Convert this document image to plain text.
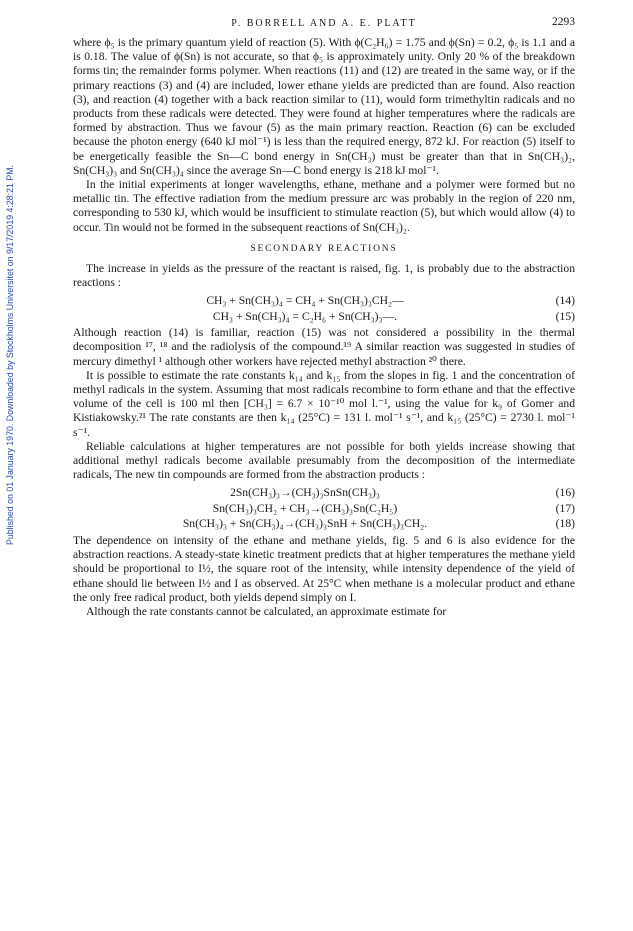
Published on 01 January 1970. Downloaded by Stockholms Universitet on 9/17/2019 4:28:21 PM.
P. BORRELL AND A. E. PLATT	2293

where ϕ₅ is the primary quantum yield of reaction (5). With ϕ(C₂H₆) = 1.75 and ϕ(Sn) = 0.2, ϕ₅ is 1.1 and a is 0.18. The value of ϕ(Sn) is not accurate, so that ϕ₅ is approximately unity. Only 20 % of the breakdown forms tin; the remainder forms polymer. When reactions (11) and (12) are treated in the same way, or if the primary reactions (3) and (4) are included, lower ethane yields are predicted than are found. Also reaction (3), and reaction (4) together with a back reaction similar to (11), would form trimethyltin radicals and no products from these radicals were detected. They were found at higher temperatures where the radicals are formed by abstraction. Thus we favour (5) as the main primary reaction. Reaction (6) can be excluded because the photon energy (640 kJ mol⁻¹) is less than the required energy, 872 kJ. For reaction (5) itself to be energetically feasible the Sn—C bond energy in Sn(CH₃) must be greater than that in Sn(CH₃)₂, Sn(CH₃)₃ and Sn(CH₃)₄ since the average Sn—C bond energy is 218 kJ mol⁻¹.

In the initial experiments at longer wavelengths, ethane, methane and a polymer were formed but no metallic tin. The effective radiation from the medium pressure arc was probably in the region of 220 nm, corresponding to 530 kJ, which would be insufficient to stimulate reaction (5), but which would allow (4) to occur. Tin would not be formed in the subsequent reactions of Sn(CH₃)₂.

SECONDARY REACTIONS

The increase in yields as the pressure of the reactant is raised, fig. 1, is probably due to the abstraction reactions :

CH₃ + Sn(CH₃)₄ = CH₄ + Sn(CH₃)₃CH₂—	(14)
CH₃ + Sn(CH₃)₄ = C₂H₆ + Sn(CH₃)₃—.	(15)

Although reaction (14) is familiar, reaction (15) was not considered a possibility in the thermal decomposition ¹⁷, ¹⁸ and the radiolysis of the compound.¹⁹ A similar reaction was suggested in studies of mercury dimethyl ¹ although other workers have rejected methyl abstraction ²⁰ there.

It is possible to estimate the rate constants k₁₄ and k₁₅ from the slopes in fig. 1 and the concentration of methyl radicals in the system. Assuming that most radicals recombine to form ethane and that the effective volume of the cell is 100 ml then [CH₃] = 6.7 × 10⁻¹⁰ mol l.⁻¹, using the value for k₉ of Gomer and Kistiakowsky.²¹ The rate constants are then k₁₄ (25°C) = 131 l. mol⁻¹ s⁻¹, and k₁₅ (25°C) = 2730 l. mol⁻¹ s⁻¹.

Reliable calculations at higher temperatures are not possible for both yields increase showing that additional methyl radicals become available presumably from the decomposition of the intermediate radicals, The new tin compounds are formed from the abstraction products :

2Sn(CH₃)₃→(CH₃)₃SnSn(CH₃)₃	(16)
Sn(CH₃)₃CH₂ + CH₃→(CH₃)₃Sn(C₂H₅)	(17)
Sn(CH₃)₃ + Sn(CH₃)₄→(CH₃)₃SnH + Sn(CH₃)₃CH₂.	(18)

The dependence on intensity of the ethane and methane yields, fig. 5 and 6 is also evidence for the abstraction reactions. A steady-state kinetic treatment predicts that at higher temperatures the methane yield should be proportional to I½, the square root of the intensity, while intensity dependence of the yield of ethane should lie between I½ and I as observed. At 25°C when methane is a molecular product and ethane the only free radical product, both yields depend simply on I.

Although the rate constants cannot be calculated, an approximate estimate for
